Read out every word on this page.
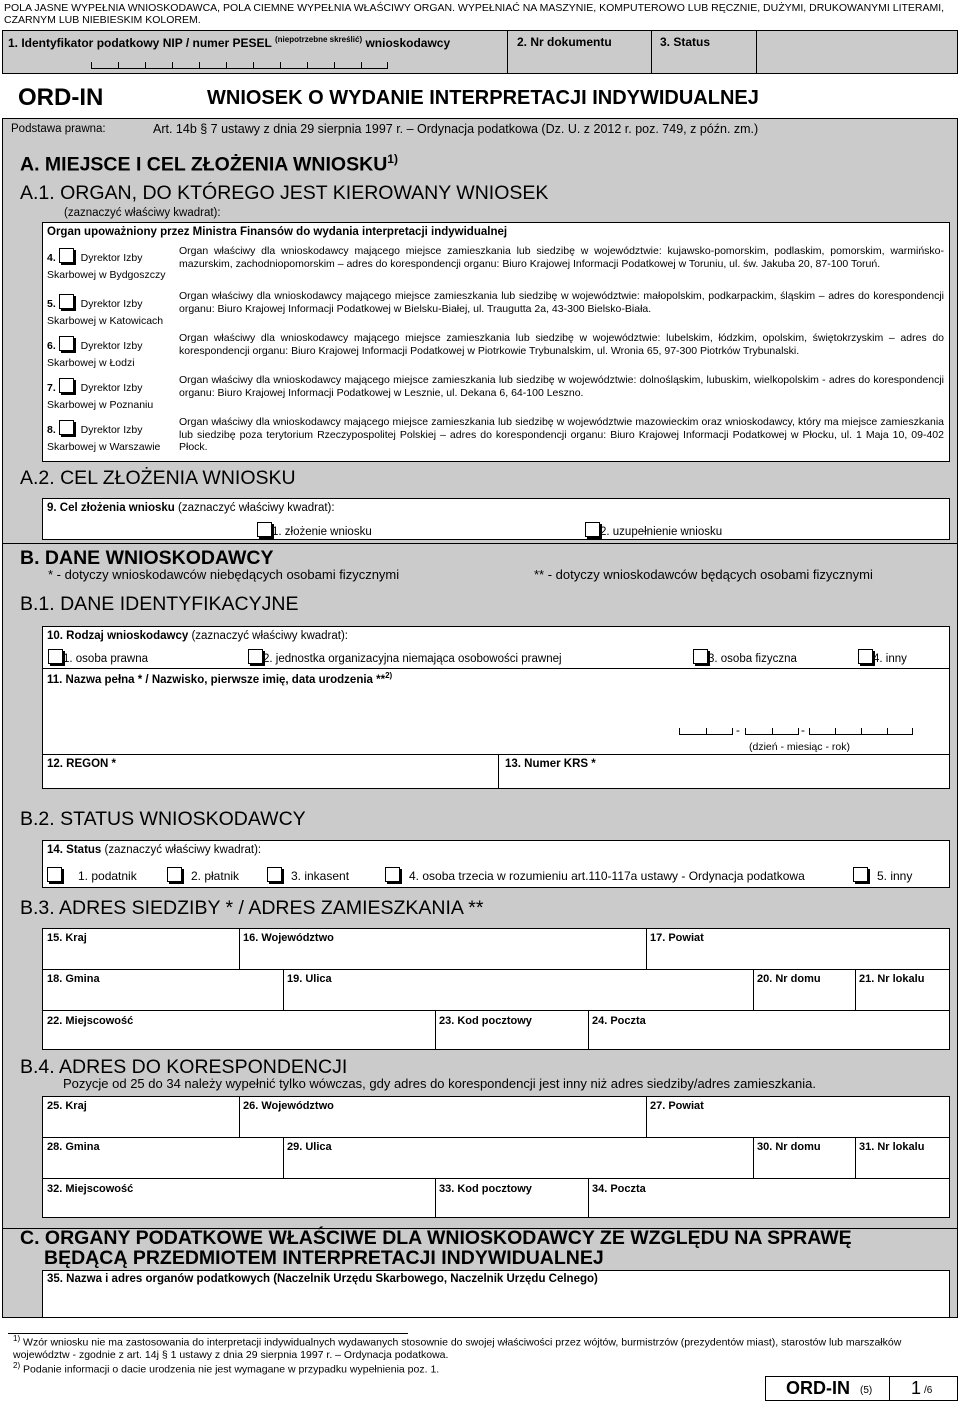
POLA JASNE WYPEŁNIA WNIOSKODAWCA, POLA CIEMNE WYPEŁNIA WŁAŚCIWY ORGAN. WYPEŁNIAĆ NA MASZYNIE, KOMPUTEROWO LUB RĘCZNIE, DUŻYMI, DRUKOWANYMI LITERAMI, CZARNYM LUB NIEBIESKIM KOLOREM.
1. Identyfikator podatkowy NIP / numer PESEL $^{(niepotrzebne skreślić)}$ wnioskodawcy	2. Nr dokumentu	3. Status
ORD-IN	WNIOSEK O WYDANIE INTERPRETACJI INDYWIDUALNEJ
Podstawa prawna:	Art. 14b § 7 ustawy z dnia 29 sierpnia 1997 r. – Ordynacja podatkowa (Dz. U. z 2012 r. poz. 749, z późn. zm.)
A. MIEJSCE I CEL ZŁOŻENIA WNIOSKU$^{1)}$
A.1. ORGAN, DO KTÓREGO JEST KIEROWANY WNIOSEK
(zaznaczyć właściwy kwadrat):
Organ upoważniony przez Ministra Finansów do wydania interpretacji indywidualnej
4. Dyrektor Izby
Skarbowej w Bydgoszczy
Organ właściwy dla wnioskodawcy mającego miejsce zamieszkania lub siedzibę w województwie: kujawsko-pomorskim, podlaskim, pomorskim, warmińsko-mazurskim, zachodniopomorskim – adres do korespondencji organu: Biuro Krajowej Informacji Podatkowej w Toruniu, ul. św. Jakuba 20, 87-100 Toruń.
5. Dyrektor Izby
Skarbowej w Katowicach
Organ właściwy dla wnioskodawcy mającego miejsce zamieszkania lub siedzibę w województwie: małopolskim, podkarpackim, śląskim – adres do korespondencji organu: Biuro Krajowej Informacji Podatkowej w Bielsku-Białej, ul. Traugutta 2a, 43-300 Bielsko-Biała.
6. Dyrektor Izby
Skarbowej w Łodzi
Organ właściwy dla wnioskodawcy mającego miejsce zamieszkania lub siedzibę w województwie: lubelskim, łódzkim, opolskim, świętokrzyskim – adres do korespondencji organu: Biuro Krajowej Informacji Podatkowej w Piotrkowie Trybunalskim, ul. Wronia 65, 97-300 Piotrków Trybunalski.
7. Dyrektor Izby
Skarbowej w Poznaniu
Organ właściwy dla wnioskodawcy mającego miejsce zamieszkania lub siedzibę w województwie: dolnośląskim, lubuskim, wielkopolskim - adres do korespondencji organu: Biuro Krajowej Informacji Podatkowej w Lesznie, ul. Dekana 6, 64-100 Leszno.
8. Dyrektor Izby
Skarbowej w Warszawie
Organ właściwy dla wnioskodawcy mającego miejsce zamieszkania lub siedzibę w województwie mazowieckim oraz wnioskodawcy, który ma miejsce zamieszkania lub siedzibę poza terytorium Rzeczypospolitej Polskiej – adres do korespondencji organu: Biuro Krajowej Informacji Podatkowej w Płocku, ul. 1 Maja 10, 09-402 Płock.
A.2. CEL ZŁOŻENIA WNIOSKU
9. Cel złożenia wniosku (zaznaczyć właściwy kwadrat):
1. złożenie wniosku	2. uzupełnienie wniosku
B. DANE WNIOSKODAWCY
* - dotyczy wnioskodawców niebędących osobami fizycznymi	** - dotyczy wnioskodawców będących osobami fizycznymi
B.1. DANE IDENTYFIKACYJNE
10. Rodzaj wnioskodawcy (zaznaczyć właściwy kwadrat):
1. osoba prawna	2. jednostka organizacyjna niemająca osobowości prawnej	3. osoba fizyczna	4. inny
11. Nazwa pełna * / Nazwisko, pierwsze imię, data urodzenia **$^{2)}$
-	-
(dzień - miesiąc - rok)
12. REGON *	13. Numer KRS *
B.2. STATUS WNIOSKODAWCY
14. Status (zaznaczyć właściwy kwadrat):
1. podatnik	2. płatnik	3. inkasent	4. osoba trzecia w rozumieniu art.110-117a ustawy - Ordynacja podatkowa	5. inny
B.3. ADRES SIEDZIBY * / ADRES ZAMIESZKANIA **
15. Kraj	16. Województwo	17. Powiat
18. Gmina	19. Ulica	20. Nr domu	21. Nr lokalu
22. Miejscowość	23. Kod pocztowy	24. Poczta
B.4. ADRES DO KORESPONDENCJI
Pozycje od 25 do 34 należy wypełnić tylko wówczas, gdy adres do korespondencji jest inny niż adres siedziby/adres zamieszkania.
25. Kraj	26. Województwo	27. Powiat
28. Gmina	29. Ulica	30. Nr domu	31. Nr lokalu
32. Miejscowość	33. Kod pocztowy	34. Poczta
C. ORGANY PODATKOWE WŁAŚCIWE DLA WNIOSKODAWCY ZE WZGLĘDU NA SPRAWĘ
BĘDĄCĄ PRZEDMIOTEM INTERPRETACJI INDYWIDUALNEJ
35. Nazwa i adres organów podatkowych (Naczelnik Urzędu Skarbowego, Naczelnik Urzędu Celnego)
$^{1)}$ Wzór wniosku nie ma zastosowania do interpretacji indywidualnych wydawanych stosownie do swojej właściwości przez wójtów, burmistrzów (prezydentów miast), starostów lub marszałków województw - zgodnie z art. 14j § 1 ustawy z dnia 29 sierpnia 1997 r. – Ordynacja podatkowa.
$^{2)}$ Podanie informacji o dacie urodzenia nie jest wymagane w przypadku wypełnienia poz. 1.
ORD-IN (5) 1 /6
